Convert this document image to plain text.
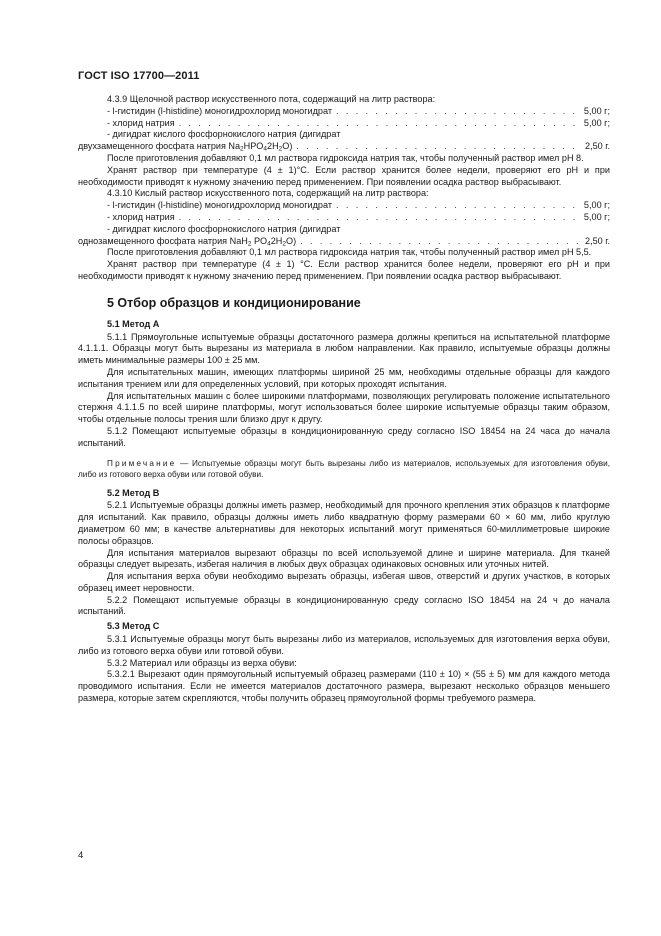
ГОСТ ISO 17700—2011

4.3.9 Щелочной раствор искусственного пота, содержащий на литр раствора:

- l-гистидин (l-histidine) моногидрохлорид моногидрат . . .	5,00 г;
- хлорид натрия . . .	5,00 г;
- дигидрат кислого фосфорнокислого натрия (дигидрат
двухзамещенного фосфата натрия $Na_2HPO_42H_2O$) . . .	2,50 г.

После приготовления добавляют 0,1 мл раствора гидроксида натрия так, чтобы полученный раствор имел pH 8.

Хранят раствор при температуре (4 ± 1)°С. Если раствор хранится более недели, проверяют его pH и при необходимости приводят к нужному значению перед применением. При появлении осадка раствор выбрасывают.

4.3.10 Кислый раствор искусственного пота, содержащий на литр раствора:

- l-гистидин (l-histidine) моногидрохлорид моногидрат . . .	5,00 г;
- хлорид натрия . . .	5,00 г;
- дигидрат кислого фосфорнокислого натрия (дигидрат
однозамещенного фосфата натрия NaH$_2$ $PO_42H_2O$) . . .	2,50 г.

После приготовления добавляют 0,1 мл раствора гидроксида натрия так, чтобы полученный раствор имел pH 5,5.

Хранят раствор при температуре (4 ± 1) °С. Если раствор хранится более недели, проверяют его pH и при необходимости приводят к нужному значению перед применением. При появлении осадка раствор выбрасывают.

5 Отбор образцов и кондиционирование
5.1 Метод А

5.1.1 Прямоугольные испытуемые образцы достаточного размера должны крепиться на испытательной платформе 4.1.1.1. Образцы могут быть вырезаны из материала в любом направлении. Как правило, испытуемые образцы должны иметь минимальные размеры 100 ± 25 мм.

Для испытательных машин, имеющих платформы шириной 25 мм, необходимы отдельные образцы для каждого испытания трением или для определенных условий, при которых проходят испытания.

Для испытательных машин с более широкими платформами, позволяющих регулировать положение испытательного стержня 4.1.1.5 по всей ширине платформы, могут использоваться более широкие испытуемые образцы таким образом, чтобы отдельные полосы трения шли близко друг к другу.

5.1.2 Помещают испытуемые образцы в кондиционированную среду согласно ISO 18454 на 24 часа до начала испытаний.

Примечание — Испытуемые образцы могут быть вырезаны либо из материалов, используемых для изготовления обуви, либо из готового верха обуви или готовой обуви.

5.2 Метод В

5.2.1 Испытуемые образцы должны иметь размер, необходимый для прочного крепления этих образцов к платформе для испытаний. Как правило, образцы должны иметь либо квадратную форму размерами 60 × 60 мм, либо круглую диаметром 60 мм; в качестве альтернативы для некоторых испытаний могут применяться 60-миллиметровые широкие полосы образцов.

Для испытания материалов вырезают образцы по всей используемой длине и ширине материала. Для тканей образцы следует вырезать, избегая наличия в любых двух образцах одинаковых основных или уточных нитей.

Для испытания верха обуви необходимо вырезать образцы, избегая швов, отверстий и других участков, в которых образец имеет неровности.

5.2.2 Помещают испытуемые образцы в кондиционированную среду согласно ISO 18454 на 24 ч до начала испытаний.

5.3 Метод С

5.3.1 Испытуемые образцы могут быть вырезаны либо из материалов, используемых для изготовления верха обуви, либо из готового верха обуви или готовой обуви.

5.3.2 Материал или образцы из верха обуви:

5.3.2.1 Вырезают один прямоугольный испытуемый образец размерами (110 ± 10) × (55 ± 5) мм для каждого метода проводимого испытания. Если не имеется материалов достаточного размера, вырезают несколько образцов меньшего размера, которые затем скрепляются, чтобы получить образец прямоугольной формы требуемого размера.

4
